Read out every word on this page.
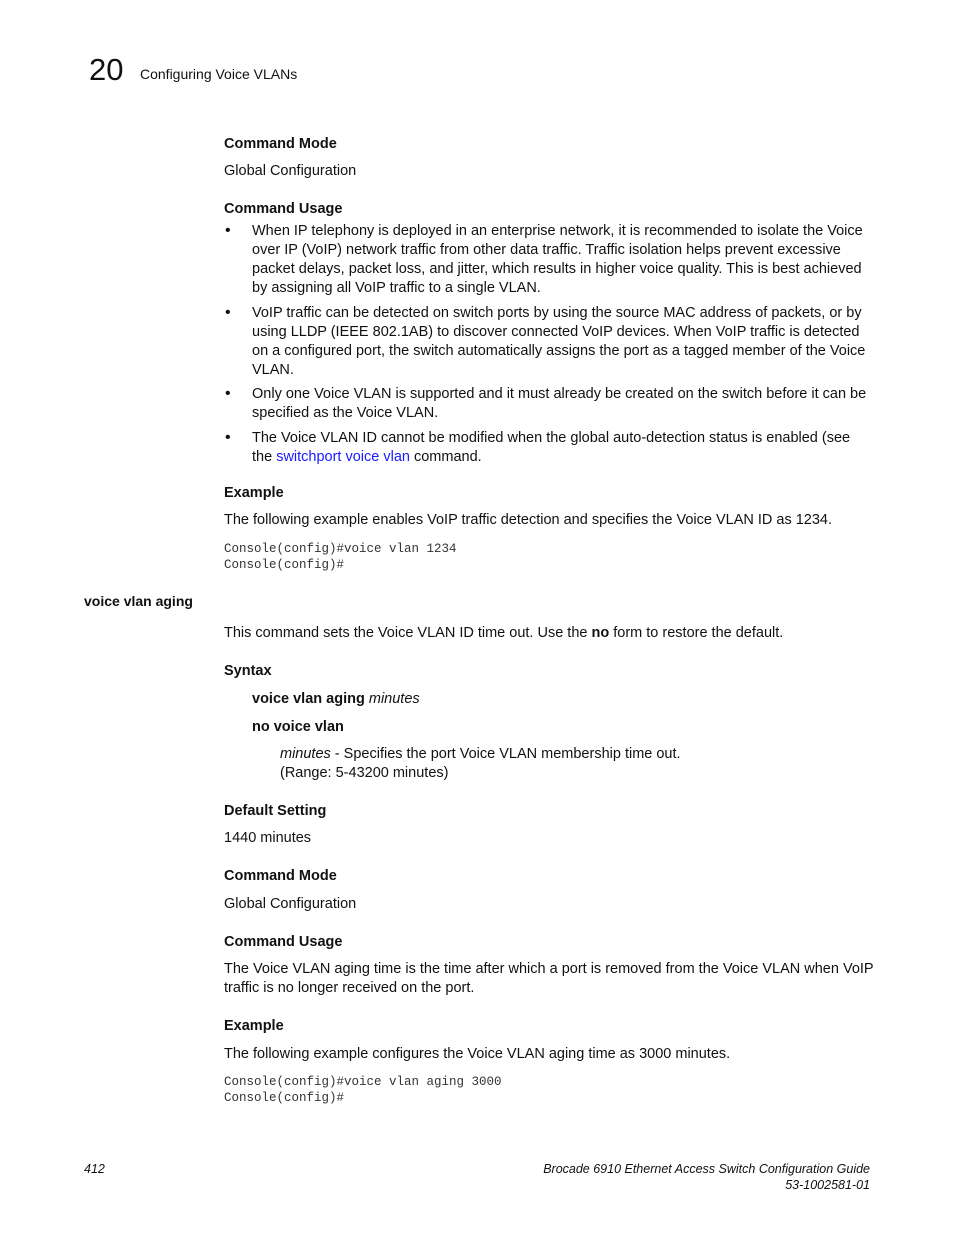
20 Configuring Voice VLANs
Command Mode
Global Configuration
Command Usage
• When IP telephony is deployed in an enterprise network, it is recommended to isolate the Voice over IP (VoIP) network traffic from other data traffic. Traffic isolation helps prevent excessive packet delays, packet loss, and jitter, which results in higher voice quality. This is best achieved by assigning all VoIP traffic to a single VLAN.
• VoIP traffic can be detected on switch ports by using the source MAC address of packets, or by using LLDP (IEEE 802.1AB) to discover connected VoIP devices. When VoIP traffic is detected on a configured port, the switch automatically assigns the port as a tagged member of the Voice VLAN.
• Only one Voice VLAN is supported and it must already be created on the switch before it can be specified as the Voice VLAN.
• The Voice VLAN ID cannot be modified when the global auto-detection status is enabled (see the switchport voice vlan command.
Example
The following example enables VoIP traffic detection and specifies the Voice VLAN ID as 1234.
Console(config)#voice vlan 1234
Console(config)#
voice vlan aging
This command sets the Voice VLAN ID time out. Use the no form to restore the default.
Syntax
voice vlan aging minutes
no voice vlan
minutes - Specifies the port Voice VLAN membership time out.
(Range: 5-43200 minutes)
Default Setting
1440 minutes
Command Mode
Global Configuration
Command Usage
The Voice VLAN aging time is the time after which a port is removed from the Voice VLAN when VoIP traffic is no longer received on the port.
Example
The following example configures the Voice VLAN aging time as 3000 minutes.
Console(config)#voice vlan aging 3000
Console(config)#
412	Brocade 6910 Ethernet Access Switch Configuration Guide
53-1002581-01
